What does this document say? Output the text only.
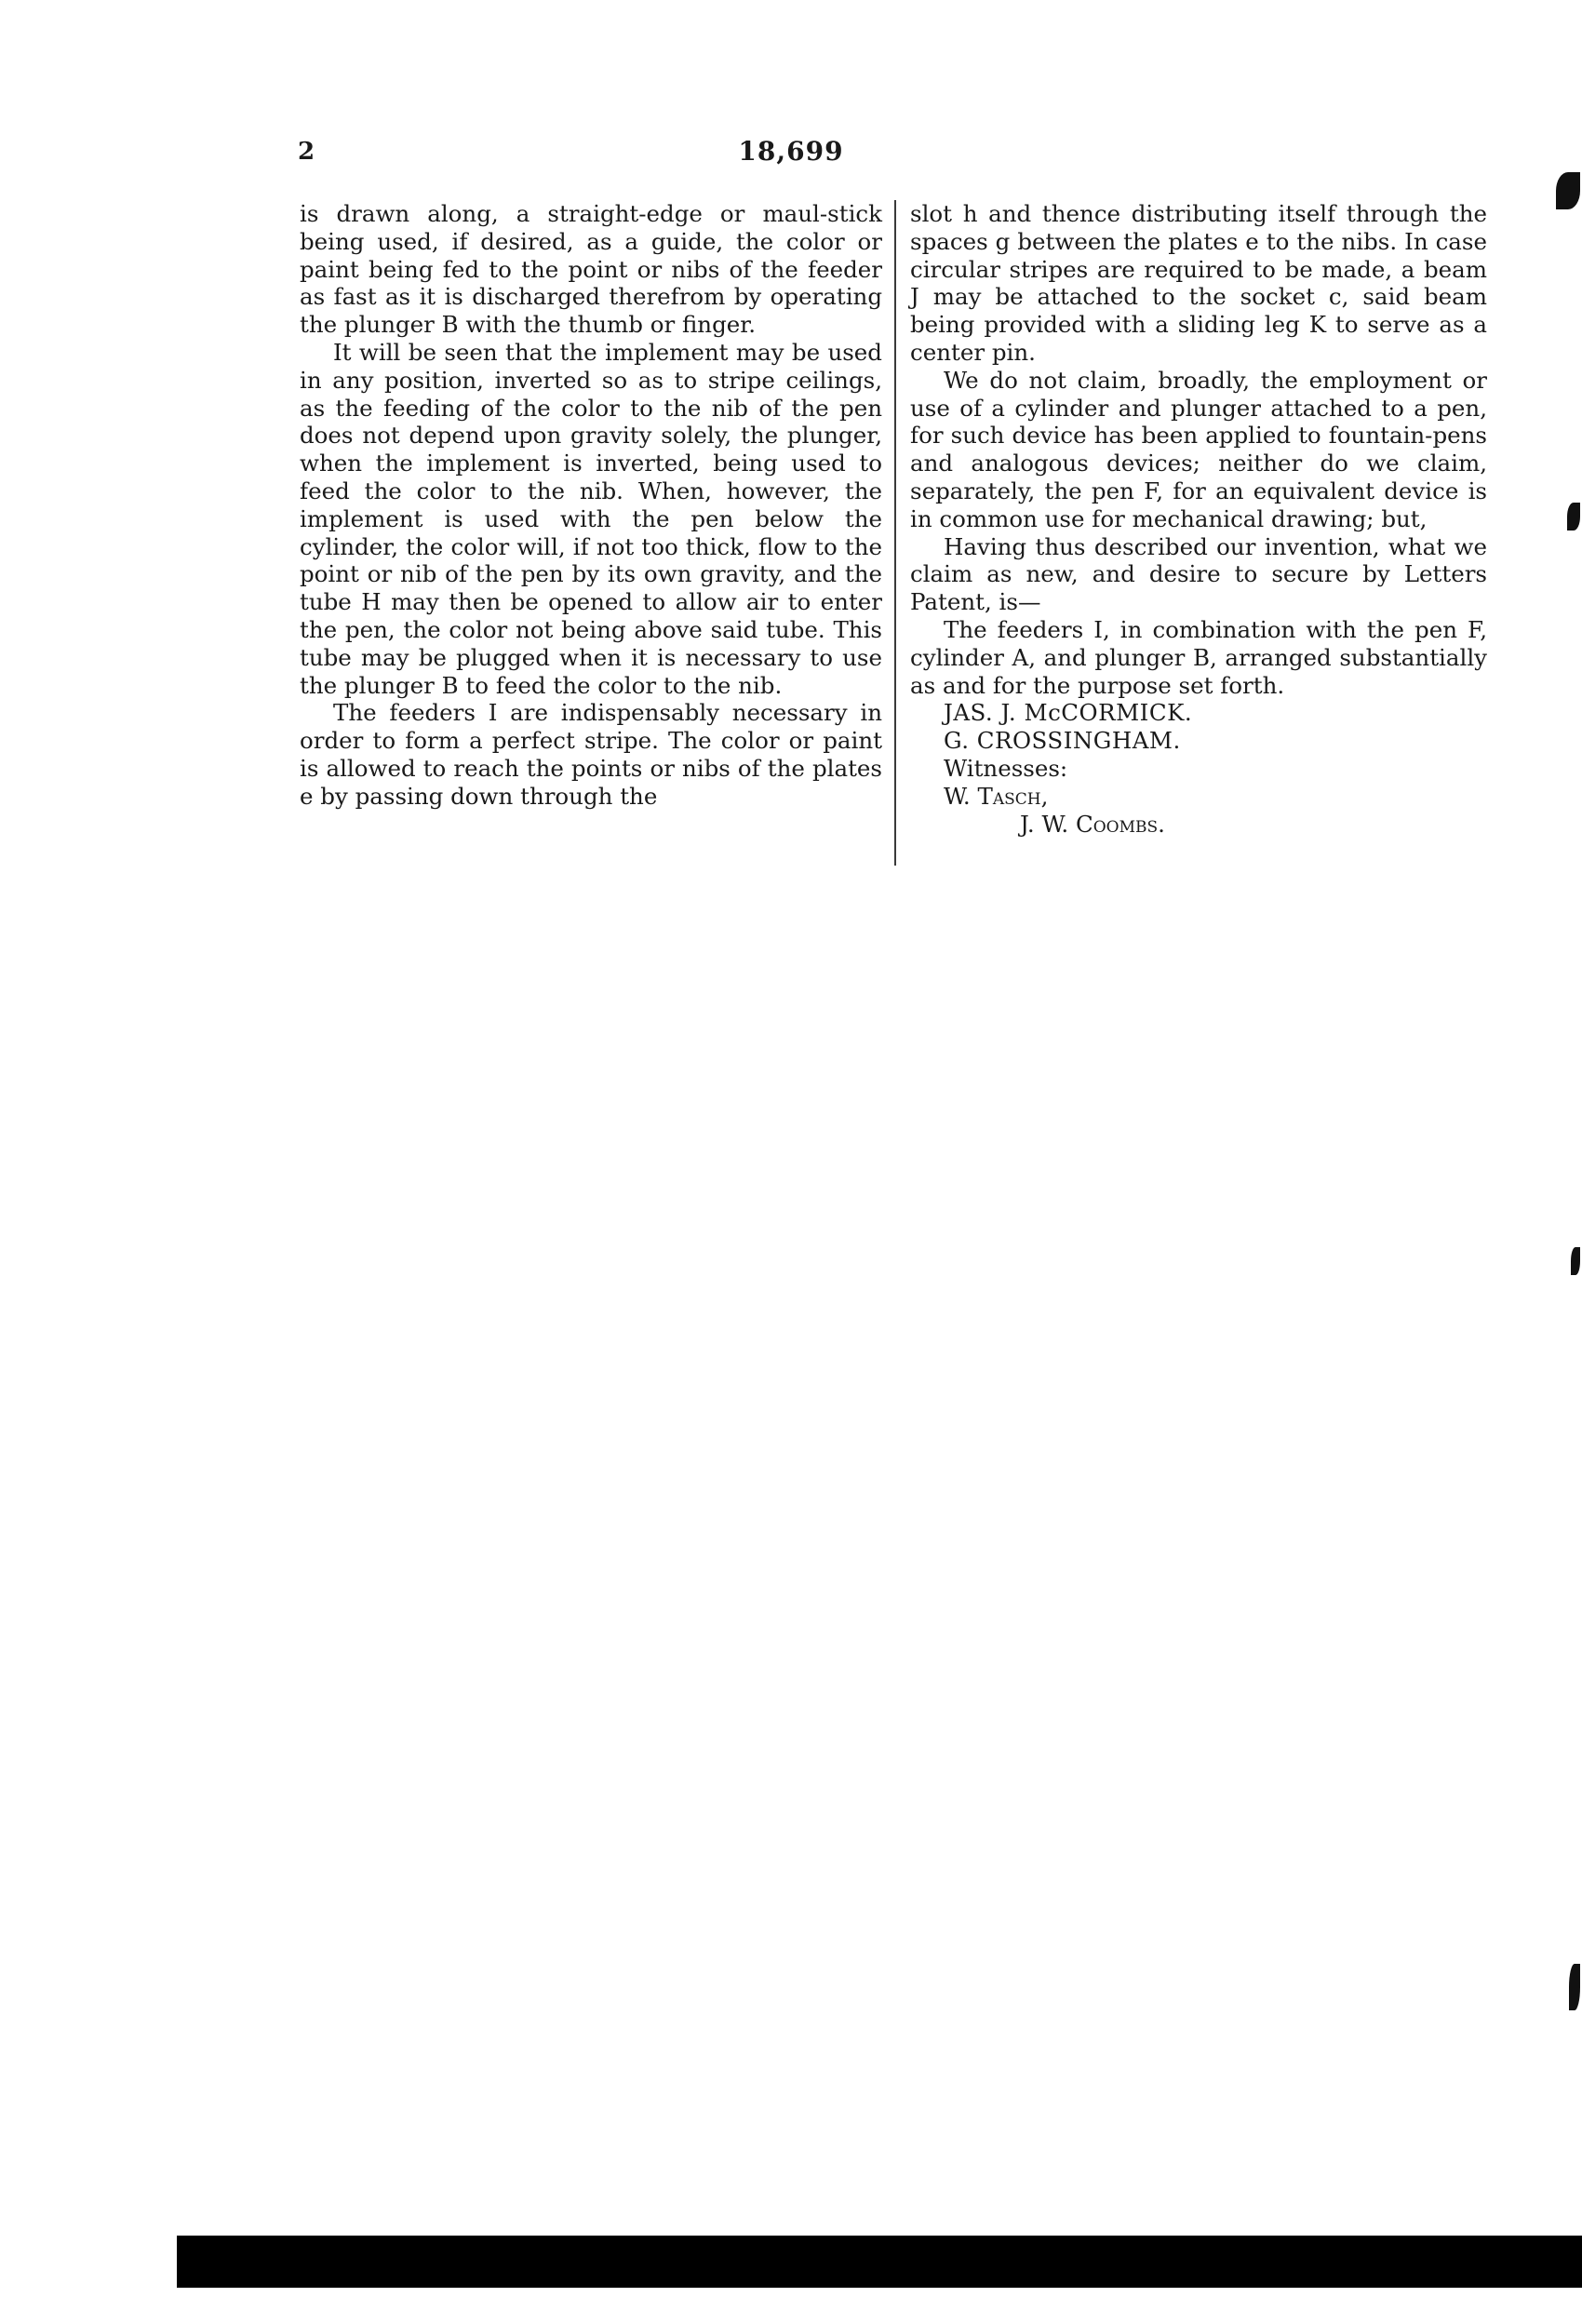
2	18,699

is drawn along, a straight-edge or maul-stick being used, if desired, as a guide, the color or paint being fed to the point or nibs of the feeder as fast as it is discharged therefrom by operating the plunger B with the thumb or finger.

It will be seen that the implement may be used in any position, inverted so as to stripe ceilings, as the feeding of the color to the nib of the pen does not depend upon gravity solely, the plunger, when the implement is inverted, being used to feed the color to the nib. When, however, the implement is used with the pen below the cylinder, the color will, if not too thick, flow to the point or nib of the pen by its own gravity, and the tube H may then be opened to allow air to enter the pen, the color not being above said tube. This tube may be plugged when it is necessary to use the plunger B to feed the color to the nib.

The feeders I are indispensably necessary in order to form a perfect stripe. The color or paint is allowed to reach the points or nibs of the plates e by passing down through the

slot h and thence distributing itself through the spaces g between the plates e to the nibs. In case circular stripes are required to be made, a beam J may be attached to the socket c, said beam being provided with a sliding leg K to serve as a center pin.

We do not claim, broadly, the employment or use of a cylinder and plunger attached to a pen, for such device has been applied to fountain-pens and analogous devices; neither do we claim, separately, the pen F, for an equivalent device is in common use for mechanical drawing; but,

Having thus described our invention, what we claim as new, and desire to secure by Letters Patent, is—

The feeders I, in combination with the pen F, cylinder A, and plunger B, arranged substantially as and for the purpose set forth.

JAS. J. McCORMICK.

G. CROSSINGHAM.

Witnesses:

W. Tasch,

J. W. Coombs.
